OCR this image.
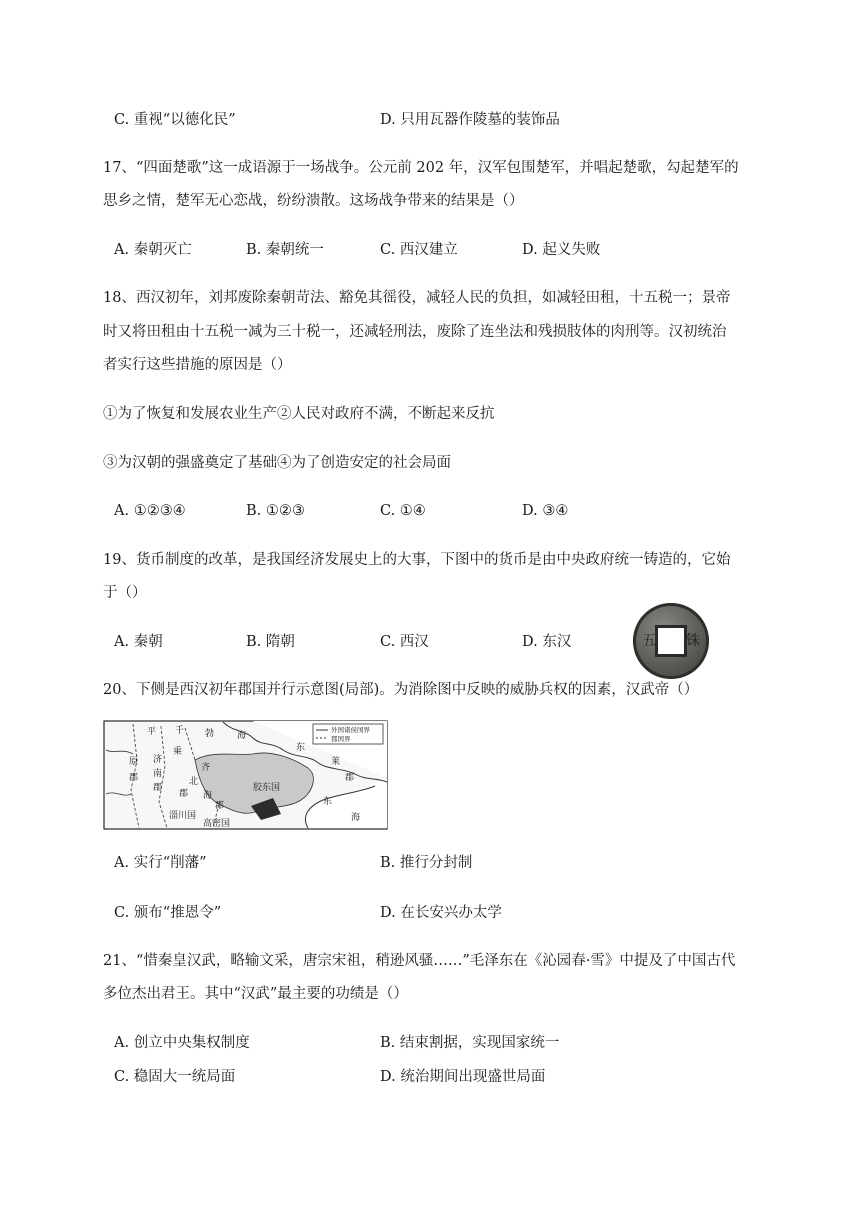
C. 重视“以德化民”	D. 只用瓦器作陵墓的装饰品
17、“四面楚歌”这一成语源于一场战争。公元前 202 年，汉军包围楚军，并唱起楚歌，勾起楚军的
思乡之情，楚军无心恋战，纷纷溃散。这场战争带来的结果是（）
A. 秦朝灭亡	B. 秦朝统一	C. 西汉建立	D. 起义失败
18、西汉初年，刘邦废除秦朝苛法、豁免其徭役，减轻人民的负担，如减轻田租，十五税一；景帝
时又将田租由十五税一减为三十税一，还减轻刑法，废除了连坐法和残损肢体的肉刑等。汉初统治
者实行这些措施的原因是（）
①为了恢复和发展农业生产②人民对政府不满，不断起来反抗
③为汉朝的强盛奠定了基础④为了创造安定的社会局面
A. ①②③④	B. ①②③	C. ①④	D. ③④
19、货币制度的改革，是我国经济发展史上的大事，下图中的货币是由中央政府统一铸造的，它始
于（）
A. 秦朝	B. 隋朝	C. 西汉	D. 东汉	五 铢
20、下侧是西汉初年郡国并行示意图(局部)。为消除图中反映的威胁兵权的因素，汉武帝（）
外国诸侯国界
郡国界
平 千 勃	海
东
莱
郡
原 济
乘
齐
南
北
郡
郡
郡 海
郡
胶东国
东
海
淄川国
高密国
A. 实行“削藩”	B. 推行分封制
C. 颁布“推恩令”	D. 在长安兴办太学
21、“惜秦皇汉武，略输文采，唐宗宋祖，稍逊风骚……”毛泽东在《沁园春·雪》中提及了中国古代
多位杰出君王。其中“汉武”最主要的功绩是（）
A. 创立中央集权制度	B. 结束割据，实现国家统一
C. 稳固大一统局面	D. 统治期间出现盛世局面
